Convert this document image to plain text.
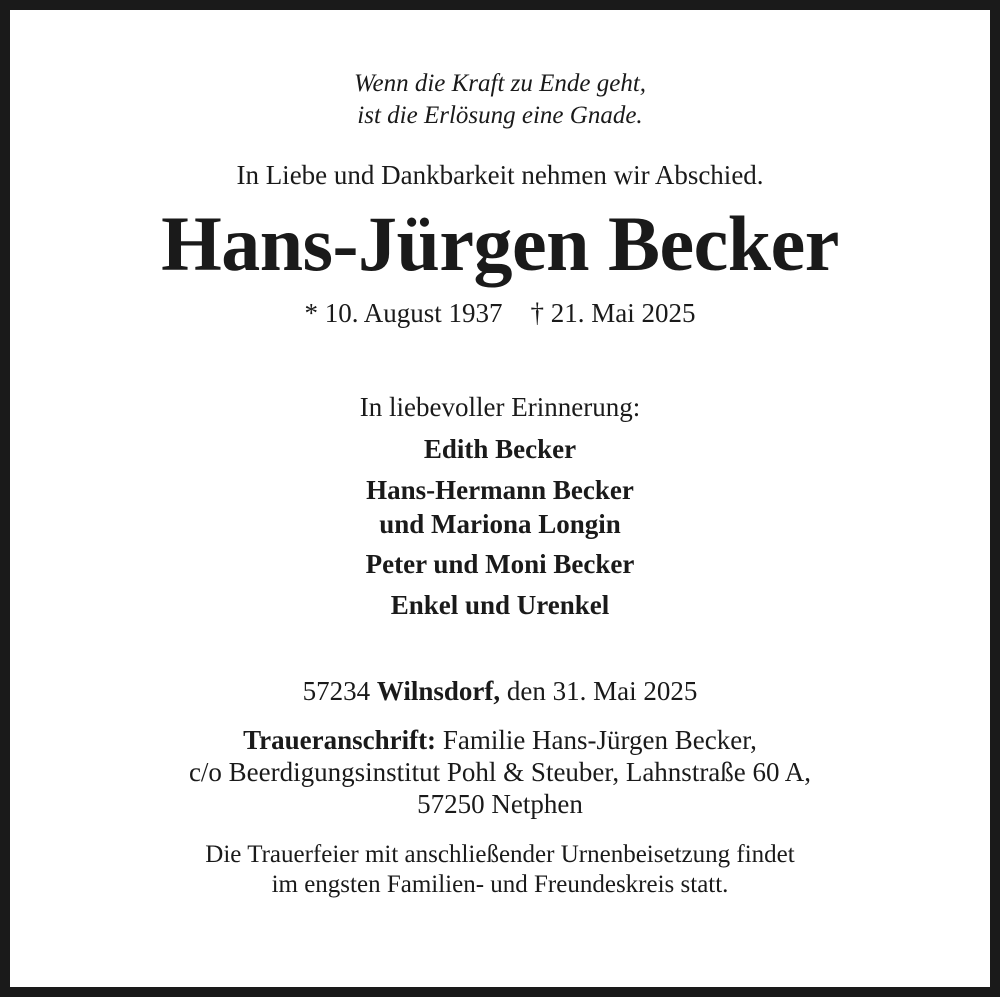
Wenn die Kraft zu Ende geht,
ist die Erlösung eine Gnade.
In Liebe und Dankbarkeit nehmen wir Abschied.
Hans-Jürgen Becker
* 10. August 1937 † 21. Mai 2025
In liebevoller Erinnerung:
Edith Becker
Hans-Hermann Becker
und Mariona Longin
Peter und Moni Becker
Enkel und Urenkel
57234 Wilnsdorf, den 31. Mai 2025
Traueranschrift: Familie Hans-Jürgen Becker,
c/o Beerdigungsinstitut Pohl & Steuber, Lahnstraße 60 A,
57250 Netphen
Die Trauerfeier mit anschließender Urnenbeisetzung findet
im engsten Familien- und Freundeskreis statt.
